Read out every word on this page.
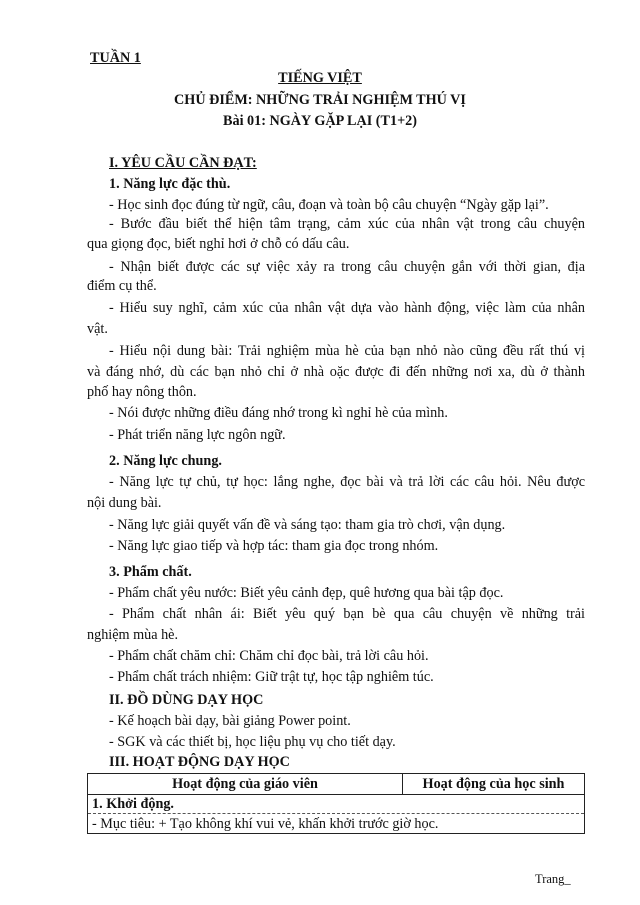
TUẦN 1
TIẾNG VIỆT
CHỦ ĐIỂM: NHỮNG TRẢI NGHIỆM THÚ VỊ
Bài 01: NGÀY GẶP LẠI (T1+2)
I. YÊU CẦU CẦN ĐẠT:
1. Năng lực đặc thù.
- Học sinh đọc đúng từ ngữ, câu, đoạn và toàn bộ câu chuyện “Ngày gặp lại”.
- Bước đầu biết thể hiện tâm trạng, cảm xúc của nhân vật trong câu chuyện
qua giọng đọc, biết nghỉ hơi ở chỗ có dấu câu.
- Nhận biết được các sự việc xảy ra trong câu chuyện gắn với thời gian, địa
điểm cụ thể.
- Hiểu suy nghĩ, cảm xúc của nhân vật dựa vào hành động, việc làm của nhân
vật.
- Hiểu nội dung bài: Trải nghiệm mùa hè của bạn nhỏ nào cũng đều rất thú vị
và đáng nhớ, dù các bạn nhỏ chỉ ở nhà oặc được đi đến những nơi xa, dù ở thành
phố hay nông thôn.
- Nói được những điều đáng nhớ trong kì nghỉ hè của mình.
- Phát triển năng lực ngôn ngữ.
2. Năng lực chung.
- Năng lực tự chủ, tự học: lắng nghe, đọc bài và trả lời các câu hỏi. Nêu được
nội dung bài.
- Năng lực giải quyết vấn đề và sáng tạo: tham gia trò chơi, vận dụng.
- Năng lực giao tiếp và hợp tác: tham gia đọc trong nhóm.
3. Phẩm chất.
- Phẩm chất yêu nước: Biết yêu cảnh đẹp, quê hương qua bài tập đọc.
- Phẩm chất nhân ái: Biết yêu quý bạn bè qua câu chuyện về những trải
nghiệm mùa hè.
- Phẩm chất chăm chỉ: Chăm chỉ đọc bài, trả lời câu hỏi.
- Phẩm chất trách nhiệm: Giữ trật tự, học tập nghiêm túc.
II. ĐỒ DÙNG DẠY HỌC
- Kế hoạch bài dạy, bài giảng Power point.
- SGK và các thiết bị, học liệu phụ vụ cho tiết dạy.
III. HOẠT ĐỘNG DẠY HỌC
Hoạt động của giáo viên	Hoạt động của học sinh
1. Khởi động.
- Mục tiêu: + Tạo không khí vui vẻ, khấn khởi trước giờ học.
Trang_
